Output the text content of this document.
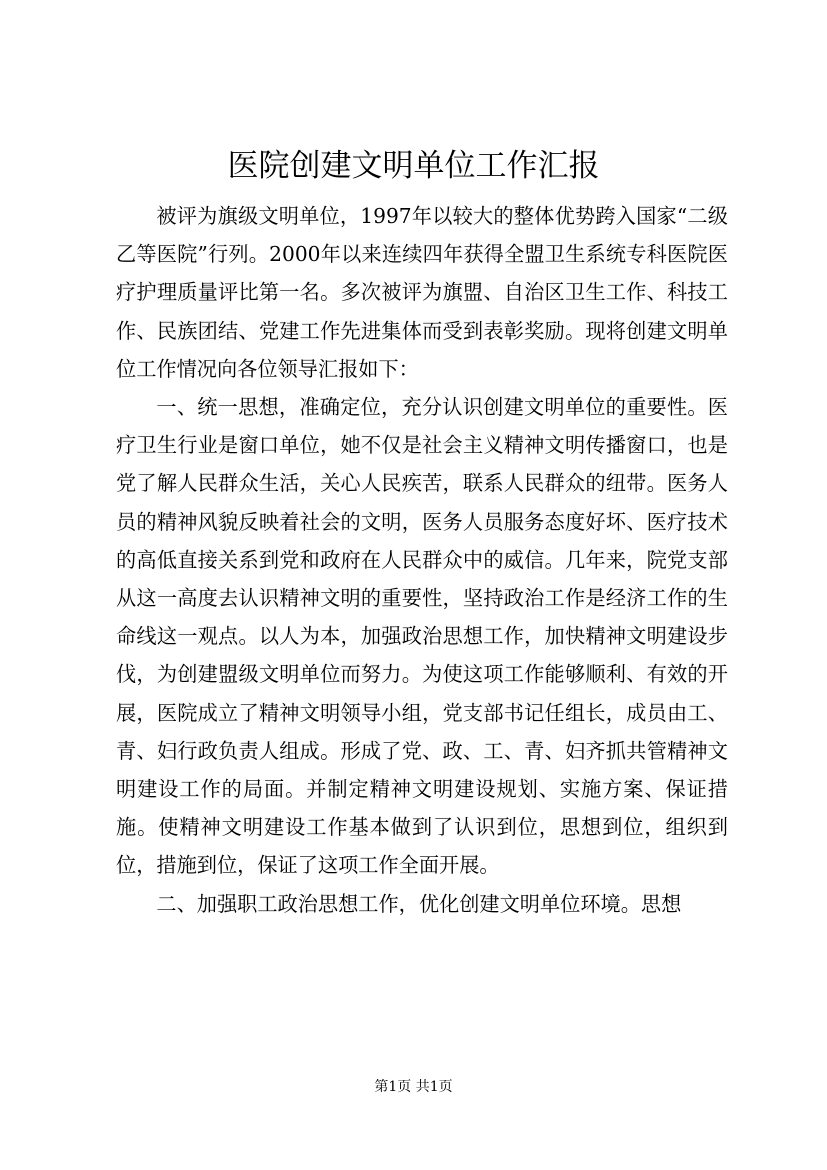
医院创建文明单位工作汇报

被评为旗级文明单位，1997年以较大的整体优势跨入国家“二级乙等医院”行列。2000年以来连续四年获得全盟卫生系统专科医院医疗护理质量评比第一名。多次被评为旗盟、自治区卫生工作、科技工作、民族团结、党建工作先进集体而受到表彰奖励。现将创建文明单位工作情况向各位领导汇报如下：

一、统一思想，准确定位，充分认识创建文明单位的重要性。医疗卫生行业是窗口单位，她不仅是社会主义精神文明传播窗口，也是党了解人民群众生活，关心人民疾苦，联系人民群众的纽带。医务人员的精神风貌反映着社会的文明，医务人员服务态度好坏、医疗技术的高低直接关系到党和政府在人民群众中的威信。几年来，院党支部从这一高度去认识精神文明的重要性，坚持政治工作是经济工作的生命线这一观点。以人为本，加强政治思想工作，加快精神文明建设步伐，为创建盟级文明单位而努力。为使这项工作能够顺利、有效的开展，医院成立了精神文明领导小组，党支部书记任组长，成员由工、青、妇行政负责人组成。形成了党、政、工、青、妇齐抓共管精神文明建设工作的局面。并制定精神文明建设规划、实施方案、保证措施。使精神文明建设工作基本做到了认识到位，思想到位，组织到位，措施到位，保证了这项工作全面开展。

二、加强职工政治思想工作，优化创建文明单位环境。思想

第1页 共1页
